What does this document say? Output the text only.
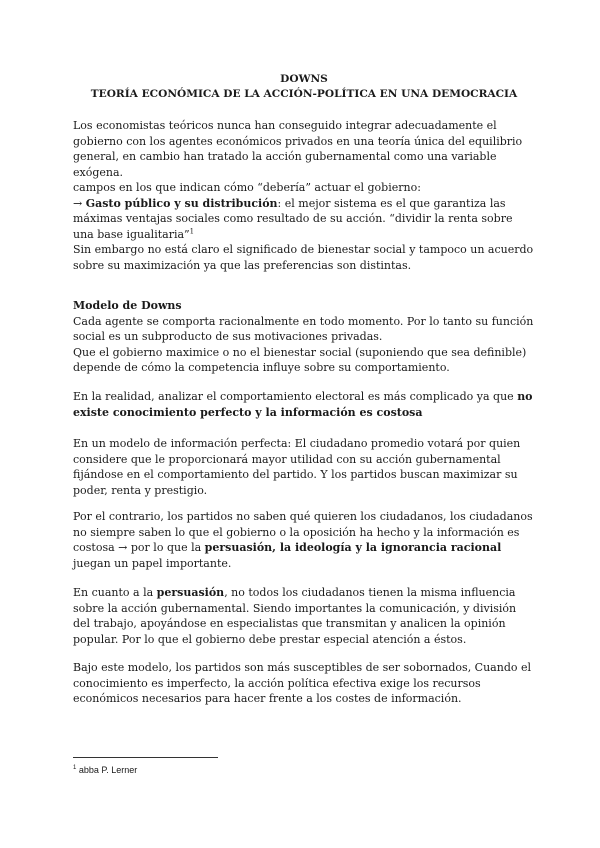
DOWNS
TEORÍA ECONÓMICA DE LA ACCIÓN-POLÍTICA EN UNA DEMOCRACIA
Los economistas teóricos nunca han conseguido integrar adecuadamente el gobierno con los agentes económicos privados en una teoría única del equilibrio general, en cambio han tratado la acción gubernamental como una variable exógena.
campos en los que indican cómo “debería” actuar el gobierno:
→ Gasto público y su distribución: el mejor sistema es el que garantiza las máximas ventajas sociales como resultado de su acción. “dividir la renta sobre una base igualitaria”$^1$
Sin embargo no está claro el significado de bienestar social y tampoco un acuerdo sobre su maximización ya que las preferencias son distintas.
Modelo de Downs
Cada agente se comporta racionalmente en todo momento. Por lo tanto su función social es un subproducto de sus motivaciones privadas.
Que el gobierno maximice o no el bienestar social (suponiendo que sea definible) depende de cómo la competencia influye sobre su comportamiento.
En la realidad, analizar el comportamiento electoral es más complicado ya que no existe conocimiento perfecto y la información es costosa
En un modelo de información perfecta: El ciudadano promedio votará por quien considere que le proporcionará mayor utilidad con su acción gubernamental fijándose en el comportamiento del partido. Y los partidos buscan maximizar su poder, renta y prestigio.
Por el contrario, los partidos no saben qué quieren los ciudadanos, los ciudadanos no siempre saben lo que el gobierno o la oposición ha hecho y la información es costosa → por lo que la persuasión, la ideología y la ignorancia racional juegan un papel importante.
En cuanto a la persuasión, no todos los ciudadanos tienen la misma influencia sobre la acción gubernamental. Siendo importantes la comunicación, y división del trabajo, apoyándose en especialistas que transmitan y analicen la opinión popular. Por lo que el gobierno debe prestar especial atención a éstos.
Bajo este modelo, los partidos son más susceptibles de ser sobornados, Cuando el conocimiento es imperfecto, la acción política efectiva exige los recursos económicos necesarios para hacer frente a los costes de información.
$^1$ abba P. Lerner
